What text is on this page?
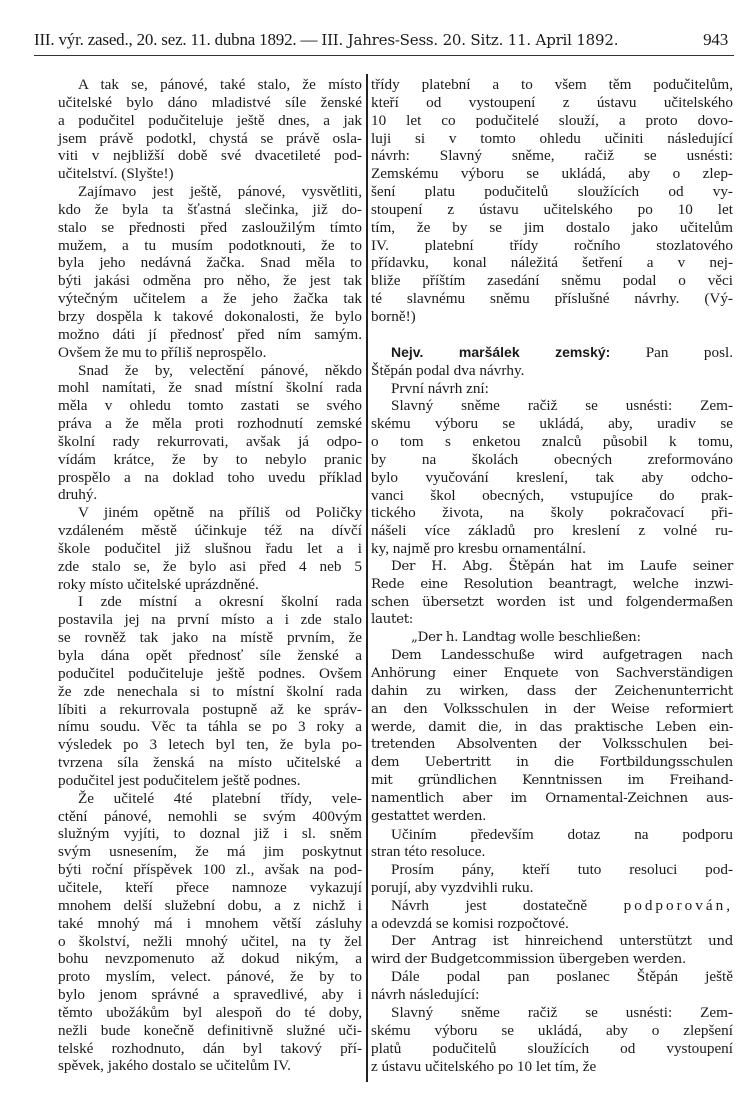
III. výr. zased., 20. sez. 11. dubna 1892. — III. Jahres-Sess. 20. Sitz. 11. April 1892.	943
A tak se, pánové, také stalo, že místo
učitelské bylo dáno mladistvé síle ženské
a podučitel podučiteluje ještě dnes, a jak
jsem právě podotkl, chystá se právě osla-
viti v nejbližší době své dvacetileté pod-
učitelství. (Slyšte!)
Zajímavo jest ještě, pánové, vysvětliti,
kdo že byla ta šťastná slečinka, již do-
stalo se přednosti před zasloužilým tímto
mužem, a tu musím podotknouti, že to
byla jeho nedávná žačka. Snad měla to
býti jakási odměna pro něho, že jest tak
výtečným učitelem a že jeho žačka tak
brzy dospěla k takové dokonalosti, že bylo
možno dáti jí přednosť před ním samým.
Ovšem že mu to příliš neprospělo.
Snad že by, velectění pánové, někdo
mohl namítati, že snad místní školní rada
měla v ohledu tomto zastati se svého
práva a že měla proti rozhodnutí zemské
školní rady rekurrovati, avšak já odpo-
vídám krátce, že by to nebylo pranic
prospělo a na doklad toho uvedu příklad
druhý.
V jiném opětně na příliš od Poličky
vzdáleném městě účinkuje též na dívčí
škole podučitel již slušnou řadu let a i
zde stalo se, že bylo asi před 4 neb 5
roky místo učitelské uprázdněné.
I zde místní a okresní školní rada
postavila jej na první místo a i zde stalo
se rovněž tak jako na místě prvním, že
byla dána opět přednosť síle ženské a
podučitel podučiteluje ještě podnes. Ovšem
že zde nenechala si to místní školní rada
líbiti a rekurrovala postupně až ke správ-
nímu soudu. Věc ta táhla se po 3 roky a
výsledek po 3 letech byl ten, že byla po-
tvrzena síla ženská na místo učitelské a
podučitel jest podučitelem ještě podnes.
Že učitelé 4té platební třídy, vele-
ctění pánové, nemohli se svým 400vým
služným vyjíti, to doznal již i sl. sněm
svým usnesením, že má jim poskytnut
býti roční příspěvek 100 zl., avšak na pod-
učitele, kteří přece namnoze vykazují
mnohem delší služební dobu, a z nichž i
také mnohý má i mnohem větší zásluhy
o školství, nežli mnohý učitel, na ty žel
bohu nevzpomenuto až dokud nikým, a
proto myslím, velect. pánové, že by to
bylo jenom správné a spravedlivé, aby i
těmto ubožákům byl alespoň do té doby,
nežli bude konečně definitivně služné uči-
telské rozhodnuto, dán byl takový pří-
spěvek, jakého dostalo se učitelům IV.
třídy platební a to všem těm podučitelům,
kteří od vystoupení z ústavu učitelského
10 let co podučitelé slouží, a proto dovo-
luji si v tomto ohledu učiniti následující
návrh: Slavný sněme, račiž se usnésti:
Zemskému výboru se ukládá, aby o zlep-
šení platu podučitelů sloužících od vy-
stoupení z ústavu učitelského po 10 let
tím, že by se jim dostalo jako učitelům
IV. platební třídy ročního stozlatového
přídavku, konal náležitá šetření a v nej-
bliže příštím zasedání sněmu podal o věci
té slavnému sněmu příslušné návrhy. (Vý-
borně!)
Nejv. maršálek zemský: Pan posl.
Štěpán podal dva návrhy.
První návrh zní:
Slavný sněme račiž se usnésti: Zem-
skému výboru se ukládá, aby, uradiv se
o tom s enketou znalců působil k tomu,
by na školách obecných zreformováno
bylo vyučování kreslení, tak aby odcho-
vanci škol obecných, vstupujíce do prak-
tického života, na školy pokračovací při-
nášeli více základů pro kreslení z volné ru-
ky, najmě pro kresbu ornamentální.
Der H. Abg. Štěpán hat im Laufe seiner
Rede eine Resolution beantragt, welche inzwi-
schen übersetzt worden ist und folgendermaßen
lautet:
„Der h. Landtag wolle beschließen:
Dem Landesschuße wird aufgetragen nach
Anhörung einer Enquete von Sachverständigen
dahin zu wirken, dass der Zeichenunterricht
an den Volksschulen in der Weise reformiert
werde, damit die, in das praktische Leben ein-
tretenden Absolventen der Volksschulen bei-
dem Uebertritt in die Fortbildungsschulen
mit gründlichen Kenntnissen im Freihand-
namentlich aber im Ornamental-Zeichnen aus-
gestattet werden.
Učiním především dotaz na podporu
stran této resoluce.
Prosím pány, kteří tuto resoluci pod-
porují, aby vyzdvihli ruku.
Návrh jest dostatečně podporován,
a odevzdá se komisi rozpočtové.
Der Antrag ist hinreichend unterstützt und
wird der Budgetcommission übergeben werden.
Dále podal pan poslanec Štěpán ještě
návrh následující:
Slavný sněme račiž se usnésti: Zem-
skému výboru se ukládá, aby o zlepšení
platů podučitelů sloužících od vystoupení
z ústavu učitelského po 10 let tím, že
